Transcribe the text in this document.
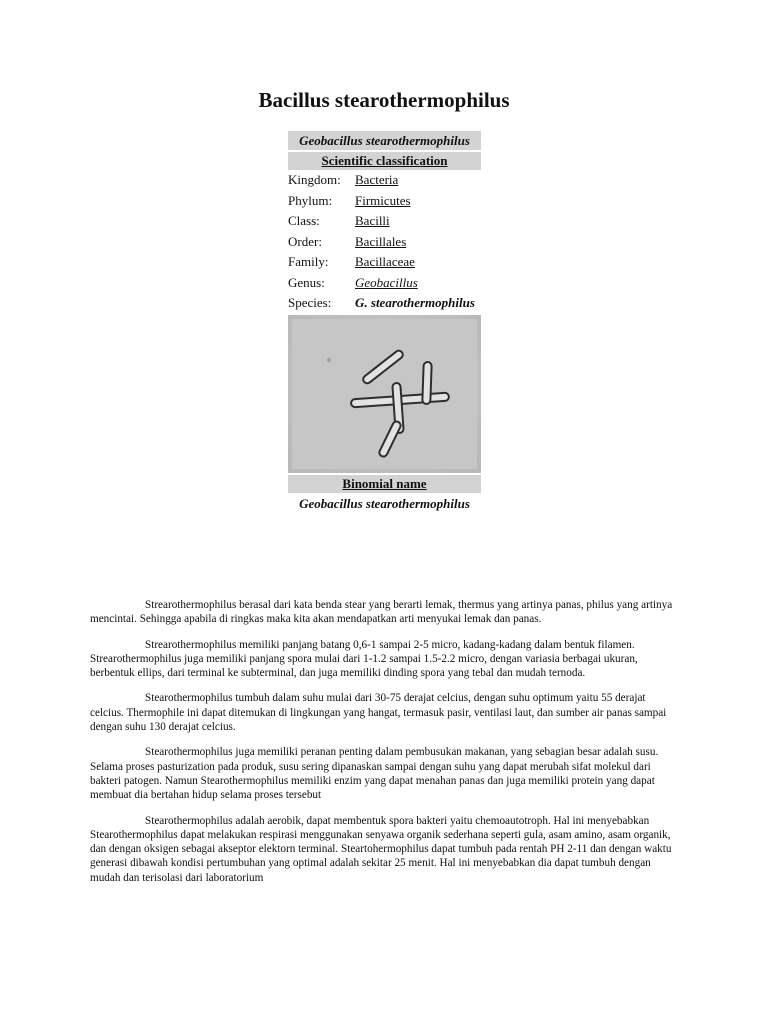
Bacillus stearothermophilus
Geobacillus stearothermophilus
Scientific classification
Kingdom:	Bacteria
Phylum:	Firmicutes
Class:	Bacilli
Order:	Bacillales
Family:	Bacillaceae
Genus:	Geobacillus
Species:	G. stearothermophilus
Binomial name
Geobacillus stearothermophilus

Strearothermophilus berasal dari kata benda stear yang berarti lemak, thermus yang artinya panas, philus yang artinya mencintai. Sehingga apabila di ringkas maka kita akan mendapatkan arti menyukai lemak dan panas.

Strearothermophilus memiliki panjang batang 0,6-1 sampai 2-5 micro, kadang-kadang dalam bentuk filamen. Strearothermophilus juga memiliki panjang spora mulai dari 1-1.2 sampai 1.5-2.2 micro, dengan variasia berbagai ukuran, berbentuk ellips, dari terminal ke subterminal, dan juga memiliki dinding spora yang tebal dan mudah ternoda.

Stearothermophilus tumbuh dalam suhu mulai dari 30-75 derajat celcius, dengan suhu optimum yaitu 55 derajat celcius. Thermophile ini dapat ditemukan di lingkungan yang hangat, termasuk pasir, ventilasi laut, dan sumber air panas sampai dengan suhu 130 derajat celcius.

Stearothermophilus juga memiliki peranan penting dalam pembusukan makanan, yang sebagian besar adalah susu. Selama proses pasturization pada produk, susu sering dipanaskan sampai dengan suhu yang dapat merubah sifat molekul dari bakteri patogen. Namun Stearothermophilus memiliki enzim yang dapat menahan panas dan juga memiliki protein yang dapat membuat dia bertahan hidup selama proses tersebut

Stearothermophilus adalah aerobik, dapat membentuk spora bakteri yaitu chemoautotroph. Hal ini menyebabkan Stearothermophilus dapat melakukan respirasi menggunakan senyawa organik sederhana seperti gula, asam amino, asam organik, dan dengan oksigen sebagai akseptor elektorn terminal. Steartohermophilus dapat tumbuh pada rentah PH 2-11 dan dengan waktu generasi dibawah kondisi pertumbuhan yang optimal adalah sekitar 25 menit. Hal ini menyebabkan dia dapat tumbuh dengan mudah dan terisolasi dari laboratorium
